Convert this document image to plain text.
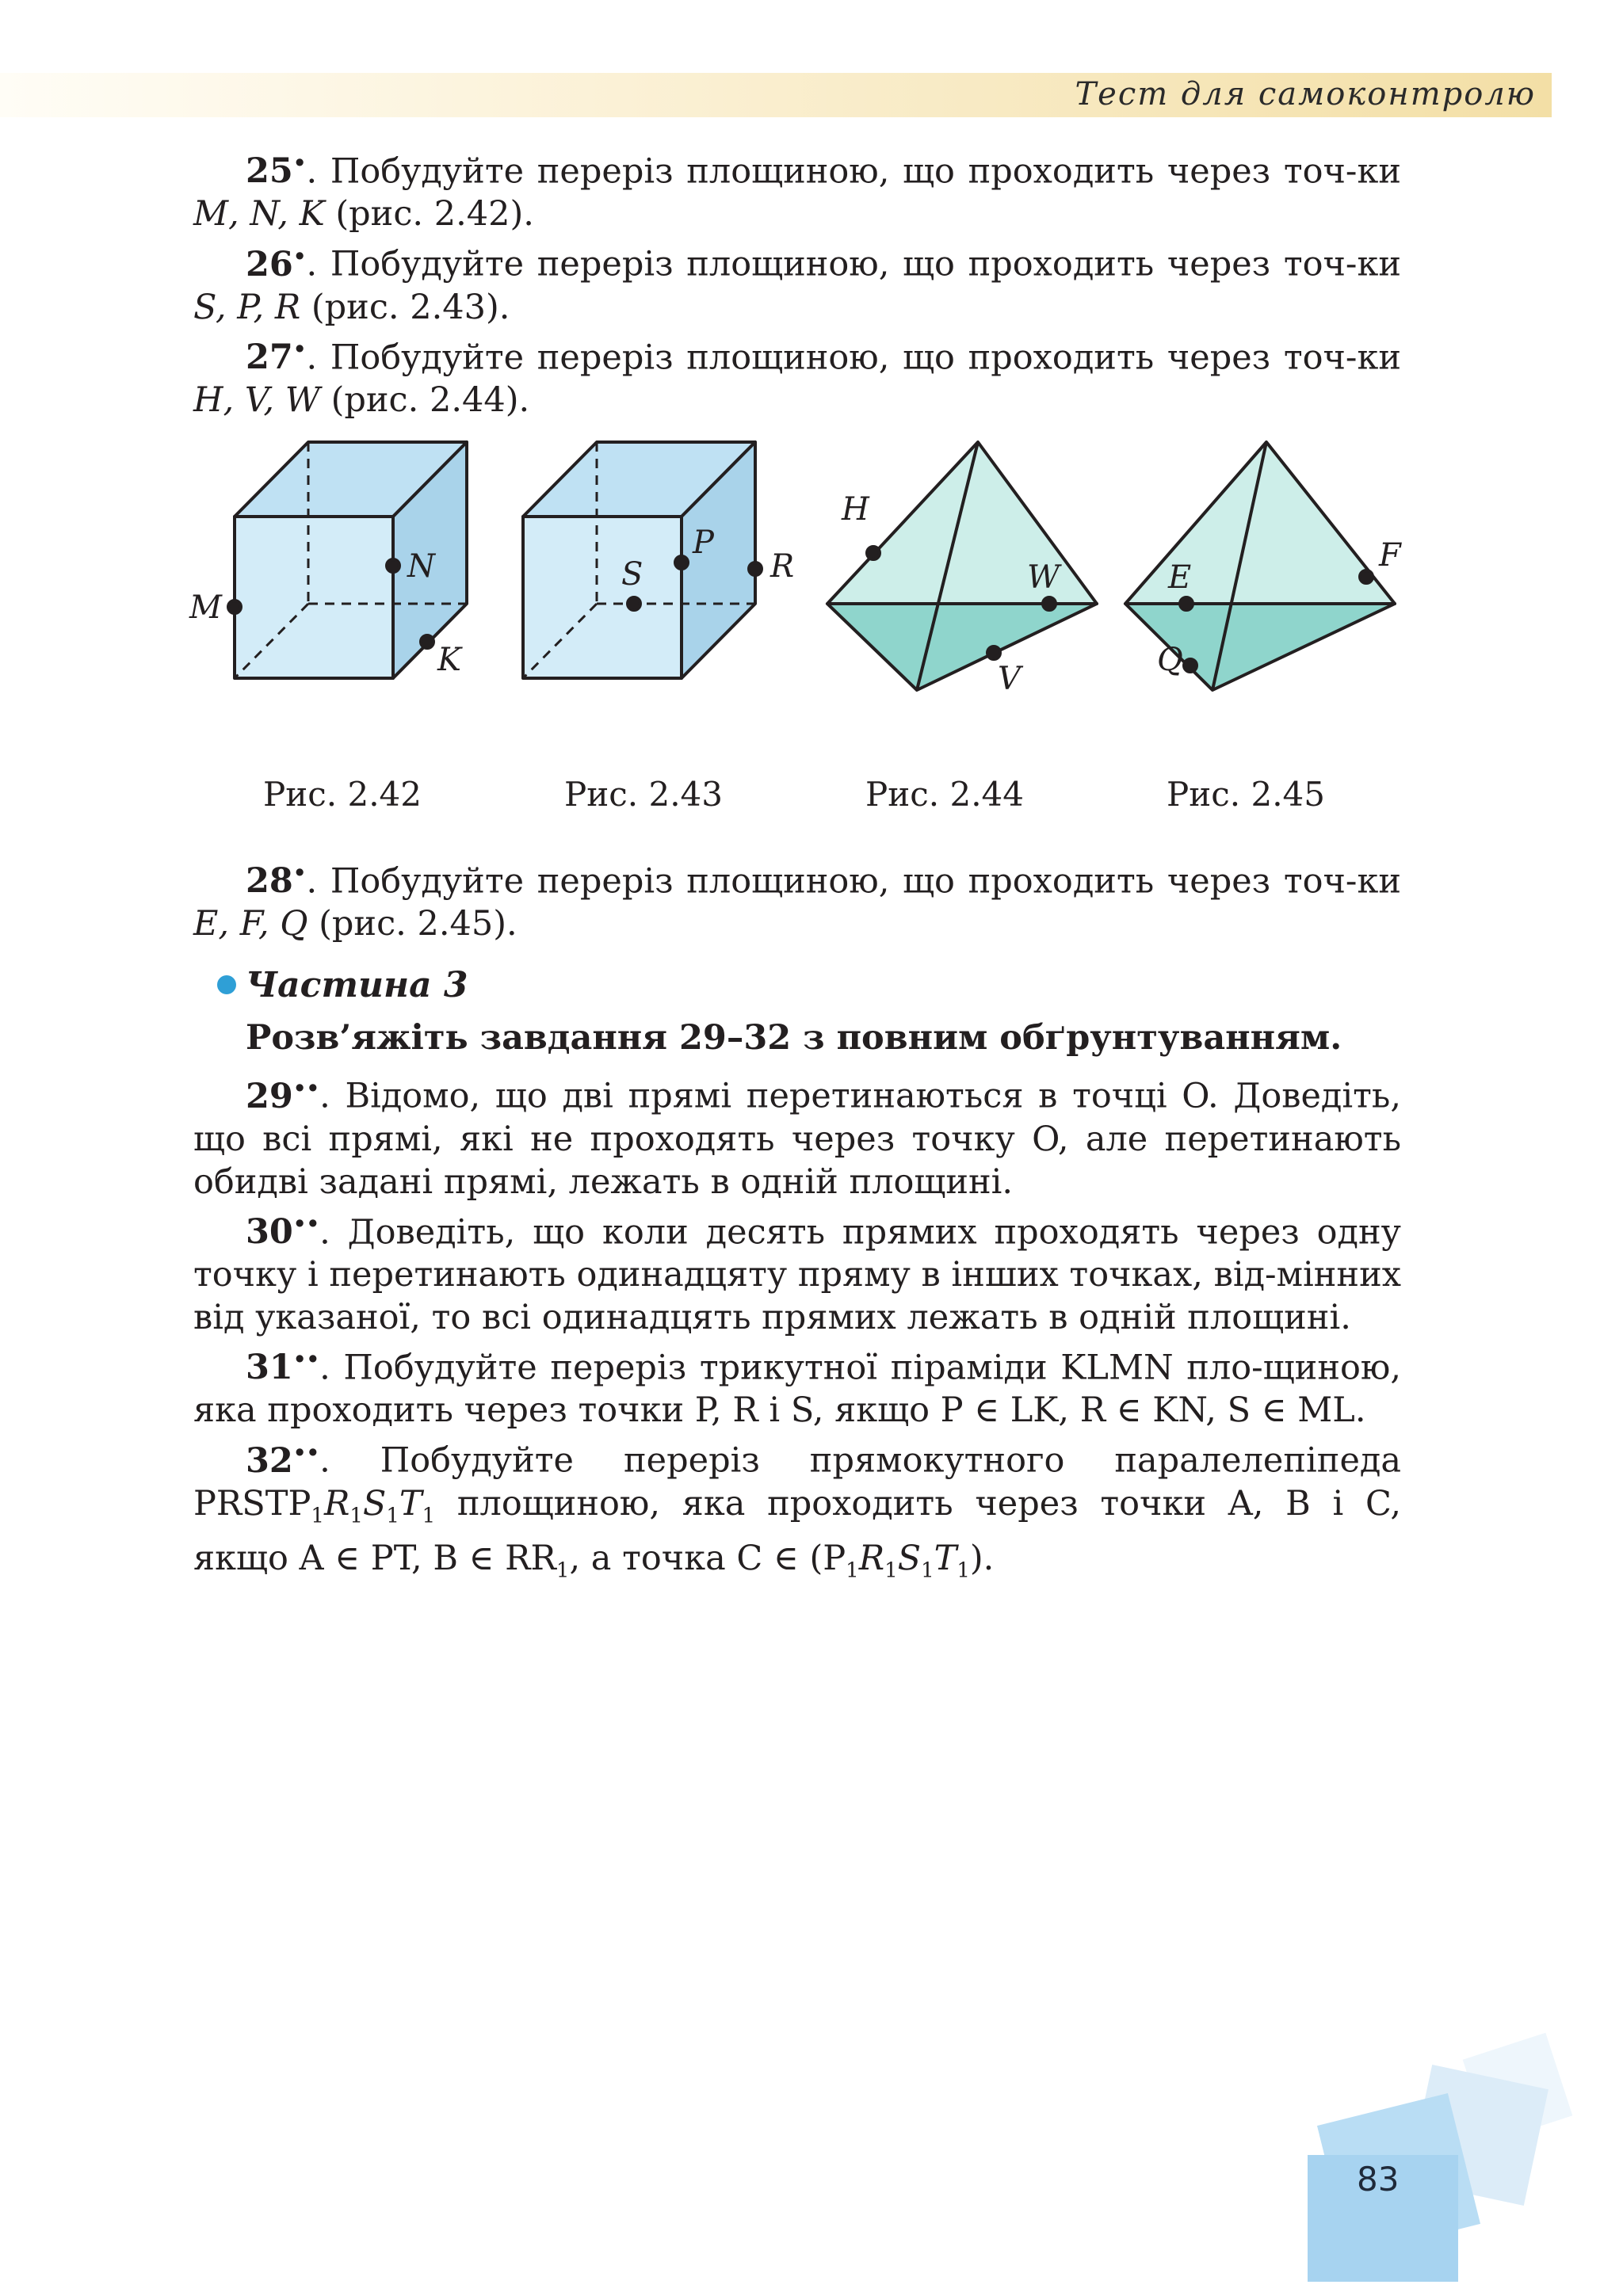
Тест для самоконтролю

25•. Побудуйте переріз площиною, що проходить через точ-ки M, N, K (рис. 2.42).

26•. Побудуйте переріз площиною, що проходить через точ-ки S, P, R (рис. 2.43).

27•. Побудуйте переріз площиною, що проходить через точ-ки H, V, W (рис. 2.44).

M
N
K
S
P
R
H
W
V
E
F
Q
Рис. 2.42	Рис. 2.43	Рис. 2.44	Рис. 2.45

28•. Побудуйте переріз площиною, що проходить через точ-ки E, F, Q (рис. 2.45).

Частина 3
Розв’яжіть завдання 29–32 з повним обґрунтуванням.

29••. Відомо, що дві прямі перетинаються в точці O. Доведіть, що всі прямі, які не проходять через точку O, але перетинають обидві задані прямі, лежать в одній площині.

30••. Доведіть, що коли десять прямих проходять через одну точку і перетинають одинадцяту пряму в інших точках, від-мінних від указаної, то всі одинадцять прямих лежать в одній площині.

31••. Побудуйте переріз трикутної піраміди KLMN пло-щиною, яка проходить через точки P, R і S, якщо P ∈ LK, R ∈ KN, S ∈ ML.

32••. Побудуйте переріз прямокутного паралелепіпеда $PRSTP_1R_1S_1T_1$ площиною, яка проходить через точки A, B і C, якщо A ∈ PT, B ∈ $RR_1$, а точка C ∈ $(P_1R_1S_1T_1)$.

83
